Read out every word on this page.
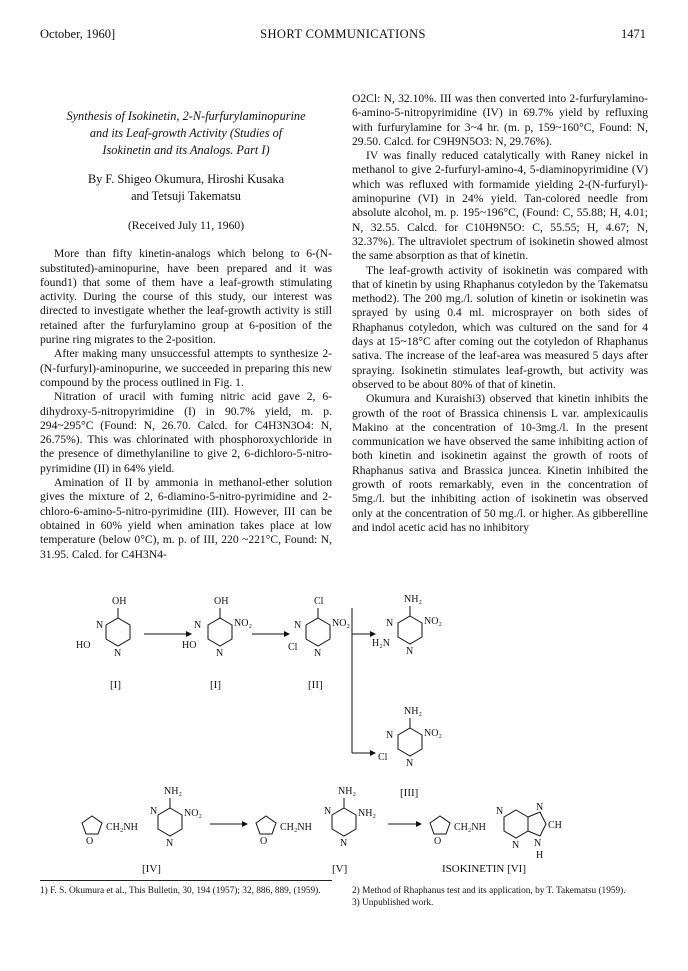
October, 1960]	SHORT COMMUNICATIONS	1471
Synthesis of Isokinetin, 2-N-furfurylaminopurine
and its Leaf-growth Activity (Studies of
Isokinetin and its Analogs. Part I)
By F. Shigeo Okumura, Hiroshi Kusaka
and Tetsuji Takematsu
(Received July 11, 1960)

More than fifty kinetin-analogs which belong to 6-(N-substituted)-aminopurine, have been prepared and it was found1) that some of them have a leaf-growth stimulating activity. During the course of this study, our interest was directed to investigate whether the leaf-growth activity is still retained after the furfurylamino group at 6-position of the purine ring migrates to the 2-position.

After making many unsuccessful attempts to synthesize 2-(N-furfuryl)-aminopurine, we succeeded in preparing this new compound by the process outlined in Fig. 1.

Nitration of uracil with fuming nitric acid gave 2, 6-dihydroxy-5-nitropyrimidine (I) in 90.7% yield, m. p. 294~295°C (Found: N, 26.70. Calcd. for C4H3N3O4: N, 26.75%). This was chlorinated with phosphoroxychloride in the presence of dimethylaniline to give 2, 6-dichloro-5-nitro-pyrimidine (II) in 64% yield.

Amination of II by ammonia in methanol-ether solution gives the mixture of 2, 6-diamino-5-nitro-pyrimidine and 2-chloro-6-amino-5-nitro-pyrimidine (III). However, III can be obtained in 60% yield when amination takes place at low temperature (below 0°C), m. p. of III, 220 ~221°C, Found: N, 31.95. Calcd. for C4H3N4-

O2Cl: N, 32.10%. III was then converted into 2-furfurylamino-6-amino-5-nitropyrimidine (IV) in 69.7% yield by refluxing with furfurylamine for 3~4 hr. (m. p, 159~160°C, Found: N, 29.50. Calcd. for C9H9N5O3: N, 29.76%).

IV was finally reduced catalytically with Raney nickel in methanol to give 2-furfuryl-amino-4, 5-diaminopyrimidine (V) which was refluxed with formamide yielding 2-(N-furfuryl)-aminopurine (VI) in 24% yield. Tan-colored needle from absolute alcohol, m. p. 195~196°C, (Found: C, 55.88; H, 4.01; N, 32.55. Calcd. for C10H9N5O: C, 55.55; H, 4.67; N, 32.37%). The ultraviolet spectrum of isokinetin showed almost the same absorption as that of kinetin.

The leaf-growth activity of isokinetin was compared with that of kinetin by using Rhaphanus cotyledon by the Takematsu method2). The 200 mg./l. solution of kinetin or isokinetin was sprayed by using 0.4 ml. microsprayer on both sides of Rhaphanus cotyledon, which was cultured on the sand for 4 days at 15~18°C after coming out the cotyledon of Rhaphanus sativa. The increase of the leaf-area was measured 5 days after spraying. Isokinetin stimulates leaf-growth, but activity was observed to be about 80% of that of kinetin.

Okumura and Kuraishi3) observed that kinetin inhibits the growth of the root of Brassica chinensis L var. amplexicaulis Makino at the concentration of 10-3mg./l. In the present communication we have observed the same inhibiting action of both kinetin and isokinetin against the growth of roots of Rhaphanus sativa and Brassica juncea. Kinetin inhibited the growth of roots remarkably, even in the concentration of 5mg./l. but the inhibiting action of isokinetin was observed only at the concentration of 50 mg./l. or higher. As gibberelline and indol acetic acid has no inhibitory

OH
N
HO
N
[I]
OH
NO₂
N
HO
N
[I]
Cl
NO₂
N
Cl
N
[II]
NH₂
NO₂
N
H₂N
N
NH₂
NO₂
N
Cl
N
[III]
O
CH₂NH
NH₂
NO₂
N
N
[IV]
O
CH₂NH
NH₂
NH₂
N
N
[V]
O
CH₂NH
N
N
N
CH
N
H
ISOKINETIN [VI]
1) F. S. Okumura et al., This Bulletin, 30, 194 (1957); 32, 886, 889, (1959).	2) Method of Rhaphanus test and its application, by T. Takematsu (1959).
3) Unpublished work.
